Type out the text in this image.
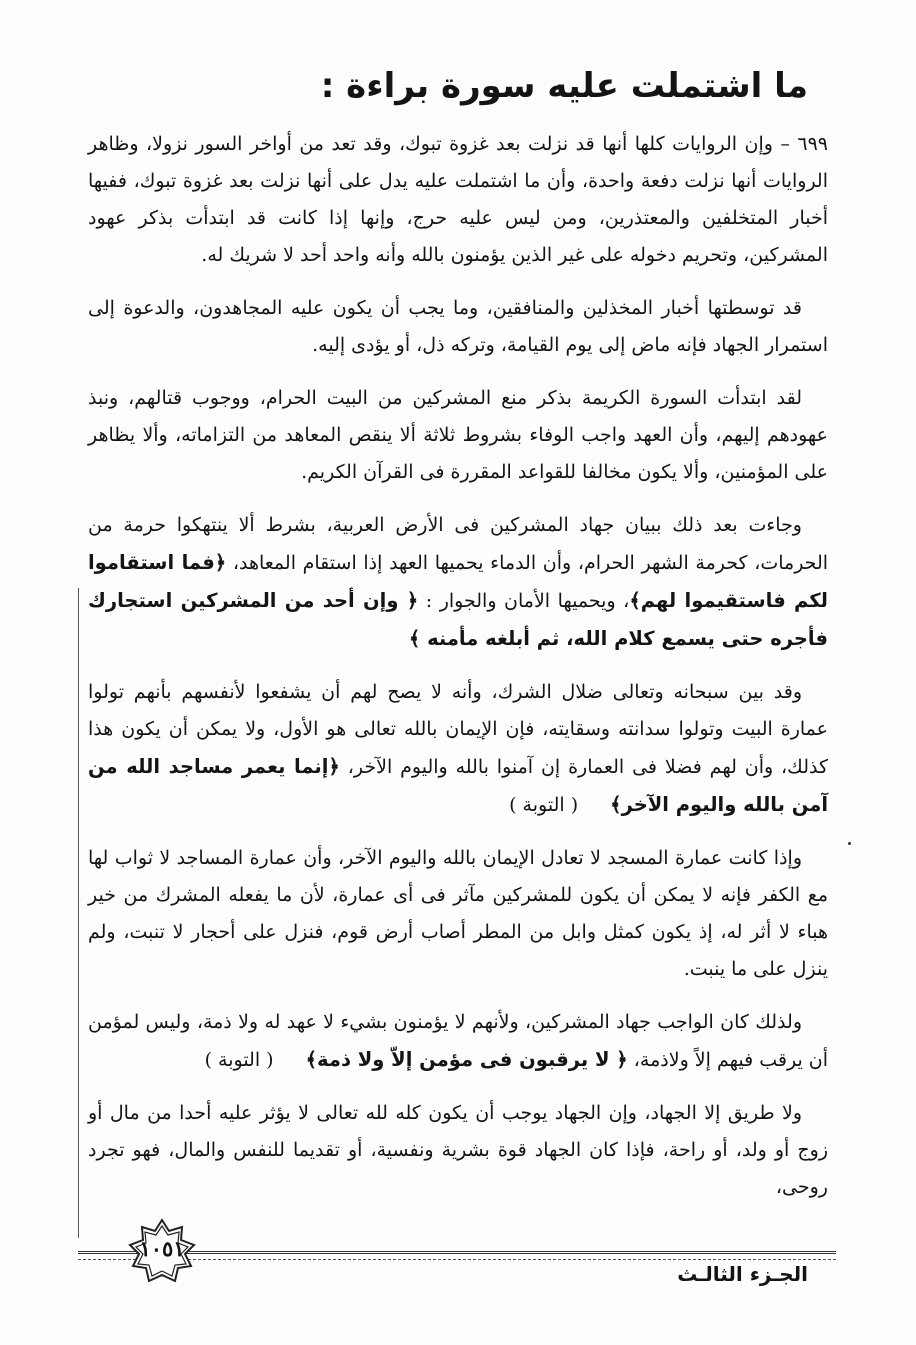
ما اشتملت عليه سورة براءة :

٦٩٩ – وإن الروايات كلها أنها قد نزلت بعد غزوة تبوك، وقد تعد من أواخر السور نزولا، وظاهر الروايات أنها نزلت دفعة واحدة، وأن ما اشتملت عليه يدل على أنها نزلت بعد غزوة تبوك، ففيها أخبار المتخلفين والمعتذرين، ومن ليس عليه حرج، وإنها إذا كانت قد ابتدأت بذكر عهود المشركين، وتحريم دخوله على غير الذين يؤمنون بالله وأنه واحد أحد لا شريك له.

قد توسطتها أخبار المخذلين والمنافقين، وما يجب أن يكون عليه المجاهدون، والدعوة إلى استمرار الجهاد فإنه ماض إلى يوم القيامة، وتركه ذل، أو يؤدى إليه.

لقد ابتدأت السورة الكريمة بذكر منع المشركين من البيت الحرام، ووجوب قتالهم، ونبذ عهودهم إليهم، وأن العهد واجب الوفاء بشروط ثلاثة ألا ينقص المعاهد من التزاماته، وألا يظاهر على المؤمنين، وألا يكون مخالفا للقواعد المقررة فى القرآن الكريم.

وجاءت بعد ذلك ببيان جهاد المشركين فى الأرض العربية، بشرط ألا ينتهكوا حرمة من الحرمات، كحرمة الشهر الحرام، وأن الدماء يحميها العهد إذا استقام المعاهد، ﴿فما استقاموا لكم فاستقيموا لهم﴾، ويحميها الأمان والجوار : ﴿ وإن أحد من المشركين استجارك فأجره حتى يسمع كلام الله، ثم أبلغه مأمنه ﴾

وقد بين سبحانه وتعالى ضلال الشرك، وأنه لا يصح لهم أن يشفعوا لأنفسهم بأنهم تولوا عمارة البيت وتولوا سدانته وسقايته، فإن الإيمان بالله تعالى هو الأول، ولا يمكن أن يكون هذا كذلك، وأن لهم فضلا فى العمارة إن آمنوا بالله واليوم الآخر، ﴿إنما يعمر مساجد الله من آمن بالله واليوم الآخر﴾ ( التوبة )

وإذا كانت عمارة المسجد لا تعادل الإيمان بالله واليوم الآخر، وأن عمارة المساجد لا ثواب لها مع الكفر فإنه لا يمكن أن يكون للمشركين مآثر فى أى عمارة، لأن ما يفعله المشرك من خير هباء لا أثر له، إذ يكون كمثل وابل من المطر أصاب أرض قوم، فنزل على أحجار لا تنبت، ولم ينزل على ما ينبت.

ولذلك كان الواجب جهاد المشركين، ولأنهم لا يؤمنون بشيء لا عهد له ولا ذمة، وليس لمؤمن أن يرقب فيهم إلاً ولاذمة، ﴿ لا يرقبون فى مؤمن إلاّ ولا ذمة﴾ ( التوبة )

ولا طريق إلا الجهاد، وإن الجهاد يوجب أن يكون كله لله تعالى لا يؤثر عليه أحدا من مال أو زوج أو ولد، أو راحة، فإذا كان الجهاد قوة بشرية ونفسية، أو تقديما للنفس والمال، فهو تجرد روحى،

١٠٥١
الجـزء الثالـث
